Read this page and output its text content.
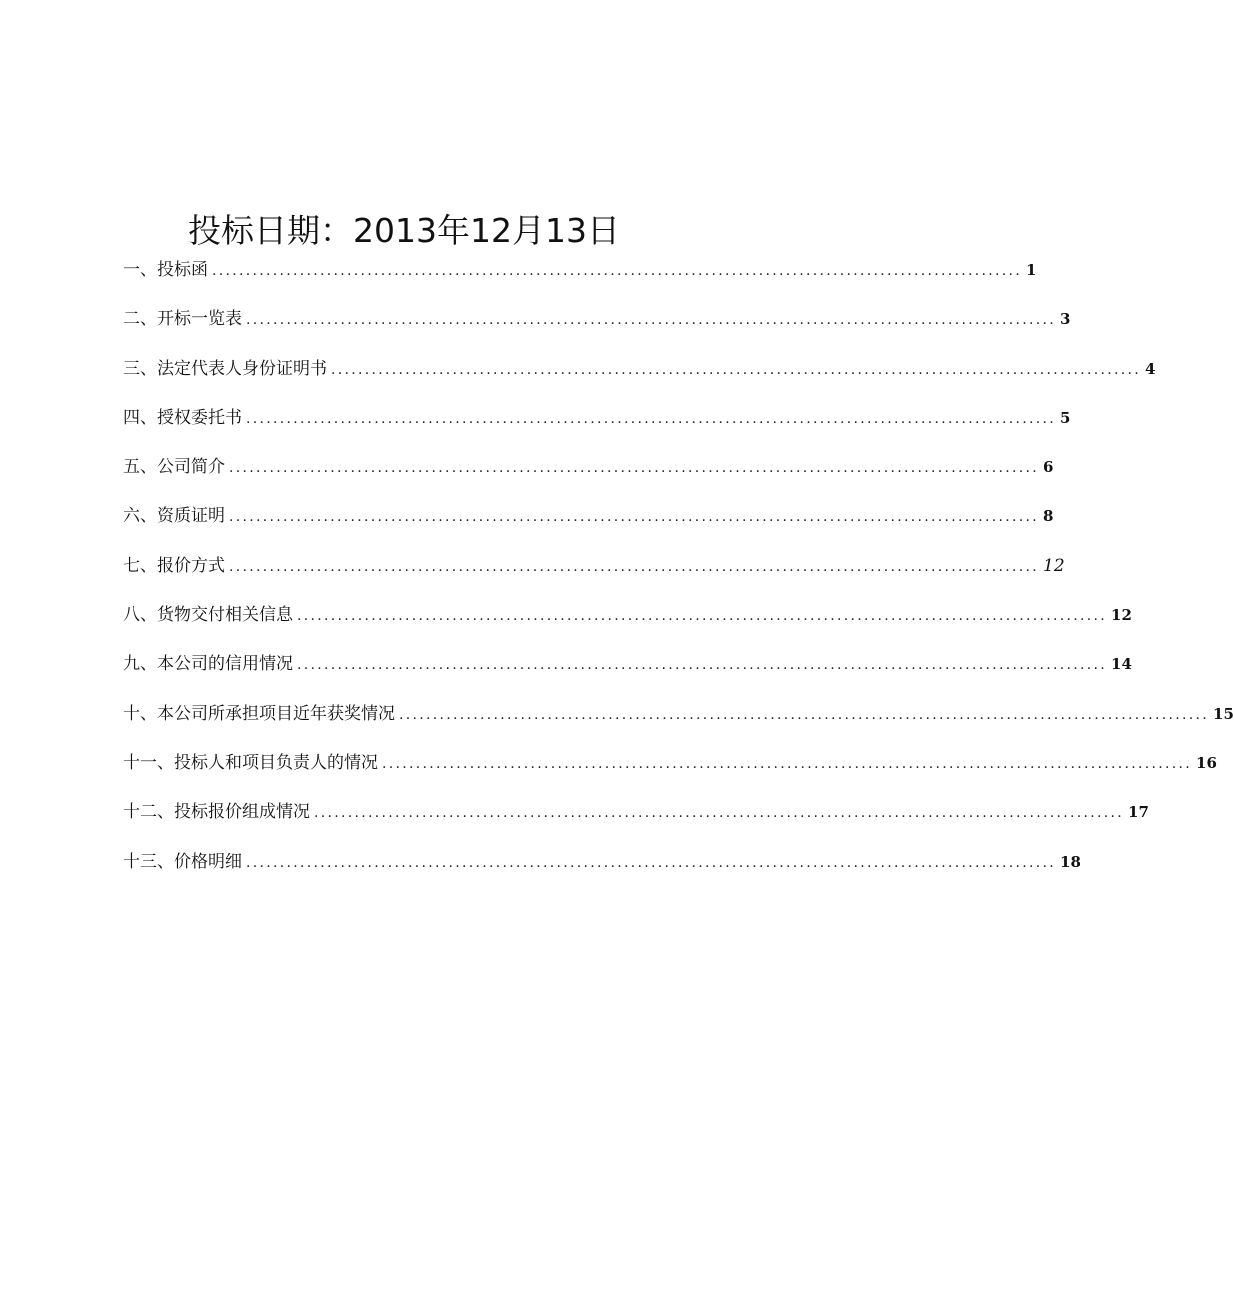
投标日期：2013年12月13日
一、投标函 ........................................................................................................................ 1
二、开标一览表 ........................................................................................................................ 3
三、法定代表人身份证明书 ........................................................................................................................ 4
四、授权委托书 ........................................................................................................................ 5
五、公司简介 ........................................................................................................................ 6
六、资质证明 ........................................................................................................................ 8
七、报价方式 ........................................................................................................................ 12
八、货物交付相关信息 ........................................................................................................................ 12
九、本公司的信用情况 ........................................................................................................................ 14
十、本公司所承担项目近年获奖情况 ........................................................................................................................ 15
十一、投标人和项目负责人的情况 ........................................................................................................................ 16
十二、投标报价组成情况 ........................................................................................................................ 17
十三、价格明细 ........................................................................................................................ 18
